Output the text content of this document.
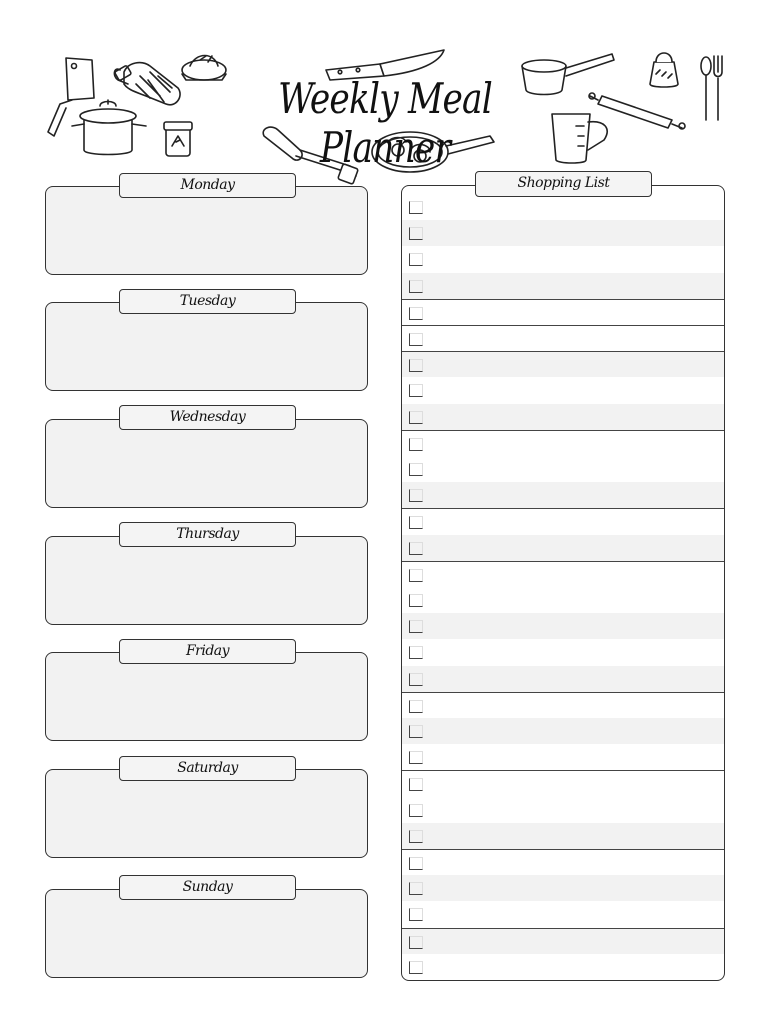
Weekly Meal Planner
Monday
Tuesday
Wednesday
Thursday
Friday
Saturday
Sunday
Shopping List
